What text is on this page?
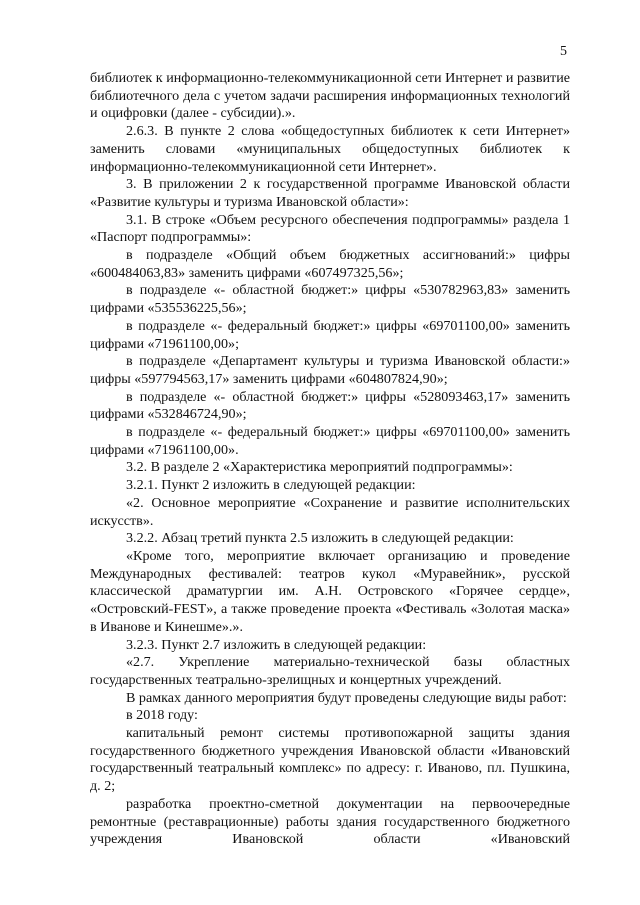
5

библиотек к информационно-телекоммуникационной сети Интернет и развитие библиотечного дела с учетом задачи расширения информационных технологий и оцифровки (далее - субсидии).».

2.6.3. В пункте 2 слова «общедоступных библиотек к сети Интернет» заменить словами «муниципальных общедоступных библиотек к информационно-телекоммуникационной сети Интернет».

3. В приложении 2 к государственной программе Ивановской области «Развитие культуры и туризма Ивановской области»:

3.1. В строке «Объем ресурсного обеспечения подпрограммы» раздела 1 «Паспорт подпрограммы»:

в подразделе «Общий объем бюджетных ассигнований:» цифры «600484063,83» заменить цифрами «607497325,56»;

в подразделе «- областной бюджет:» цифры «530782963,83» заменить цифрами «535536225,56»;

в подразделе «- федеральный бюджет:» цифры «69701100,00» заменить цифрами «71961100,00»;

в подразделе «Департамент культуры и туризма Ивановской области:» цифры «597794563,17» заменить цифрами «604807824,90»;

в подразделе «- областной бюджет:» цифры «528093463,17» заменить цифрами «532846724,90»;

в подразделе «- федеральный бюджет:» цифры «69701100,00» заменить цифрами «71961100,00».

3.2. В разделе 2 «Характеристика мероприятий подпрограммы»:

3.2.1. Пункт 2 изложить в следующей редакции:

«2. Основное мероприятие «Сохранение и развитие исполнительских искусств».

3.2.2. Абзац третий пункта 2.5 изложить в следующей редакции:

«Кроме того, мероприятие включает организацию и проведение Международных фестивалей: театров кукол «Муравейник», русской классической драматургии им. А.Н. Островского «Горячее сердце», «Островский-FEST», а также проведение проекта «Фестиваль «Золотая маска» в Иванове и Кинешме».».

3.2.3. Пункт 2.7 изложить в следующей редакции:

«2.7. Укрепление материально-технической базы областных государственных театрально-зрелищных и концертных учреждений.

В рамках данного мероприятия будут проведены следующие виды работ:

в 2018 году:

капитальный ремонт системы противопожарной защиты здания государственного бюджетного учреждения Ивановской области «Ивановский государственный театральный комплекс» по адресу: г. Иваново, пл. Пушкина, д. 2;

разработка проектно-сметной документации на первоочередные ремонтные (реставрационные) работы здания государственного бюджетного учреждения Ивановской области «Ивановский
